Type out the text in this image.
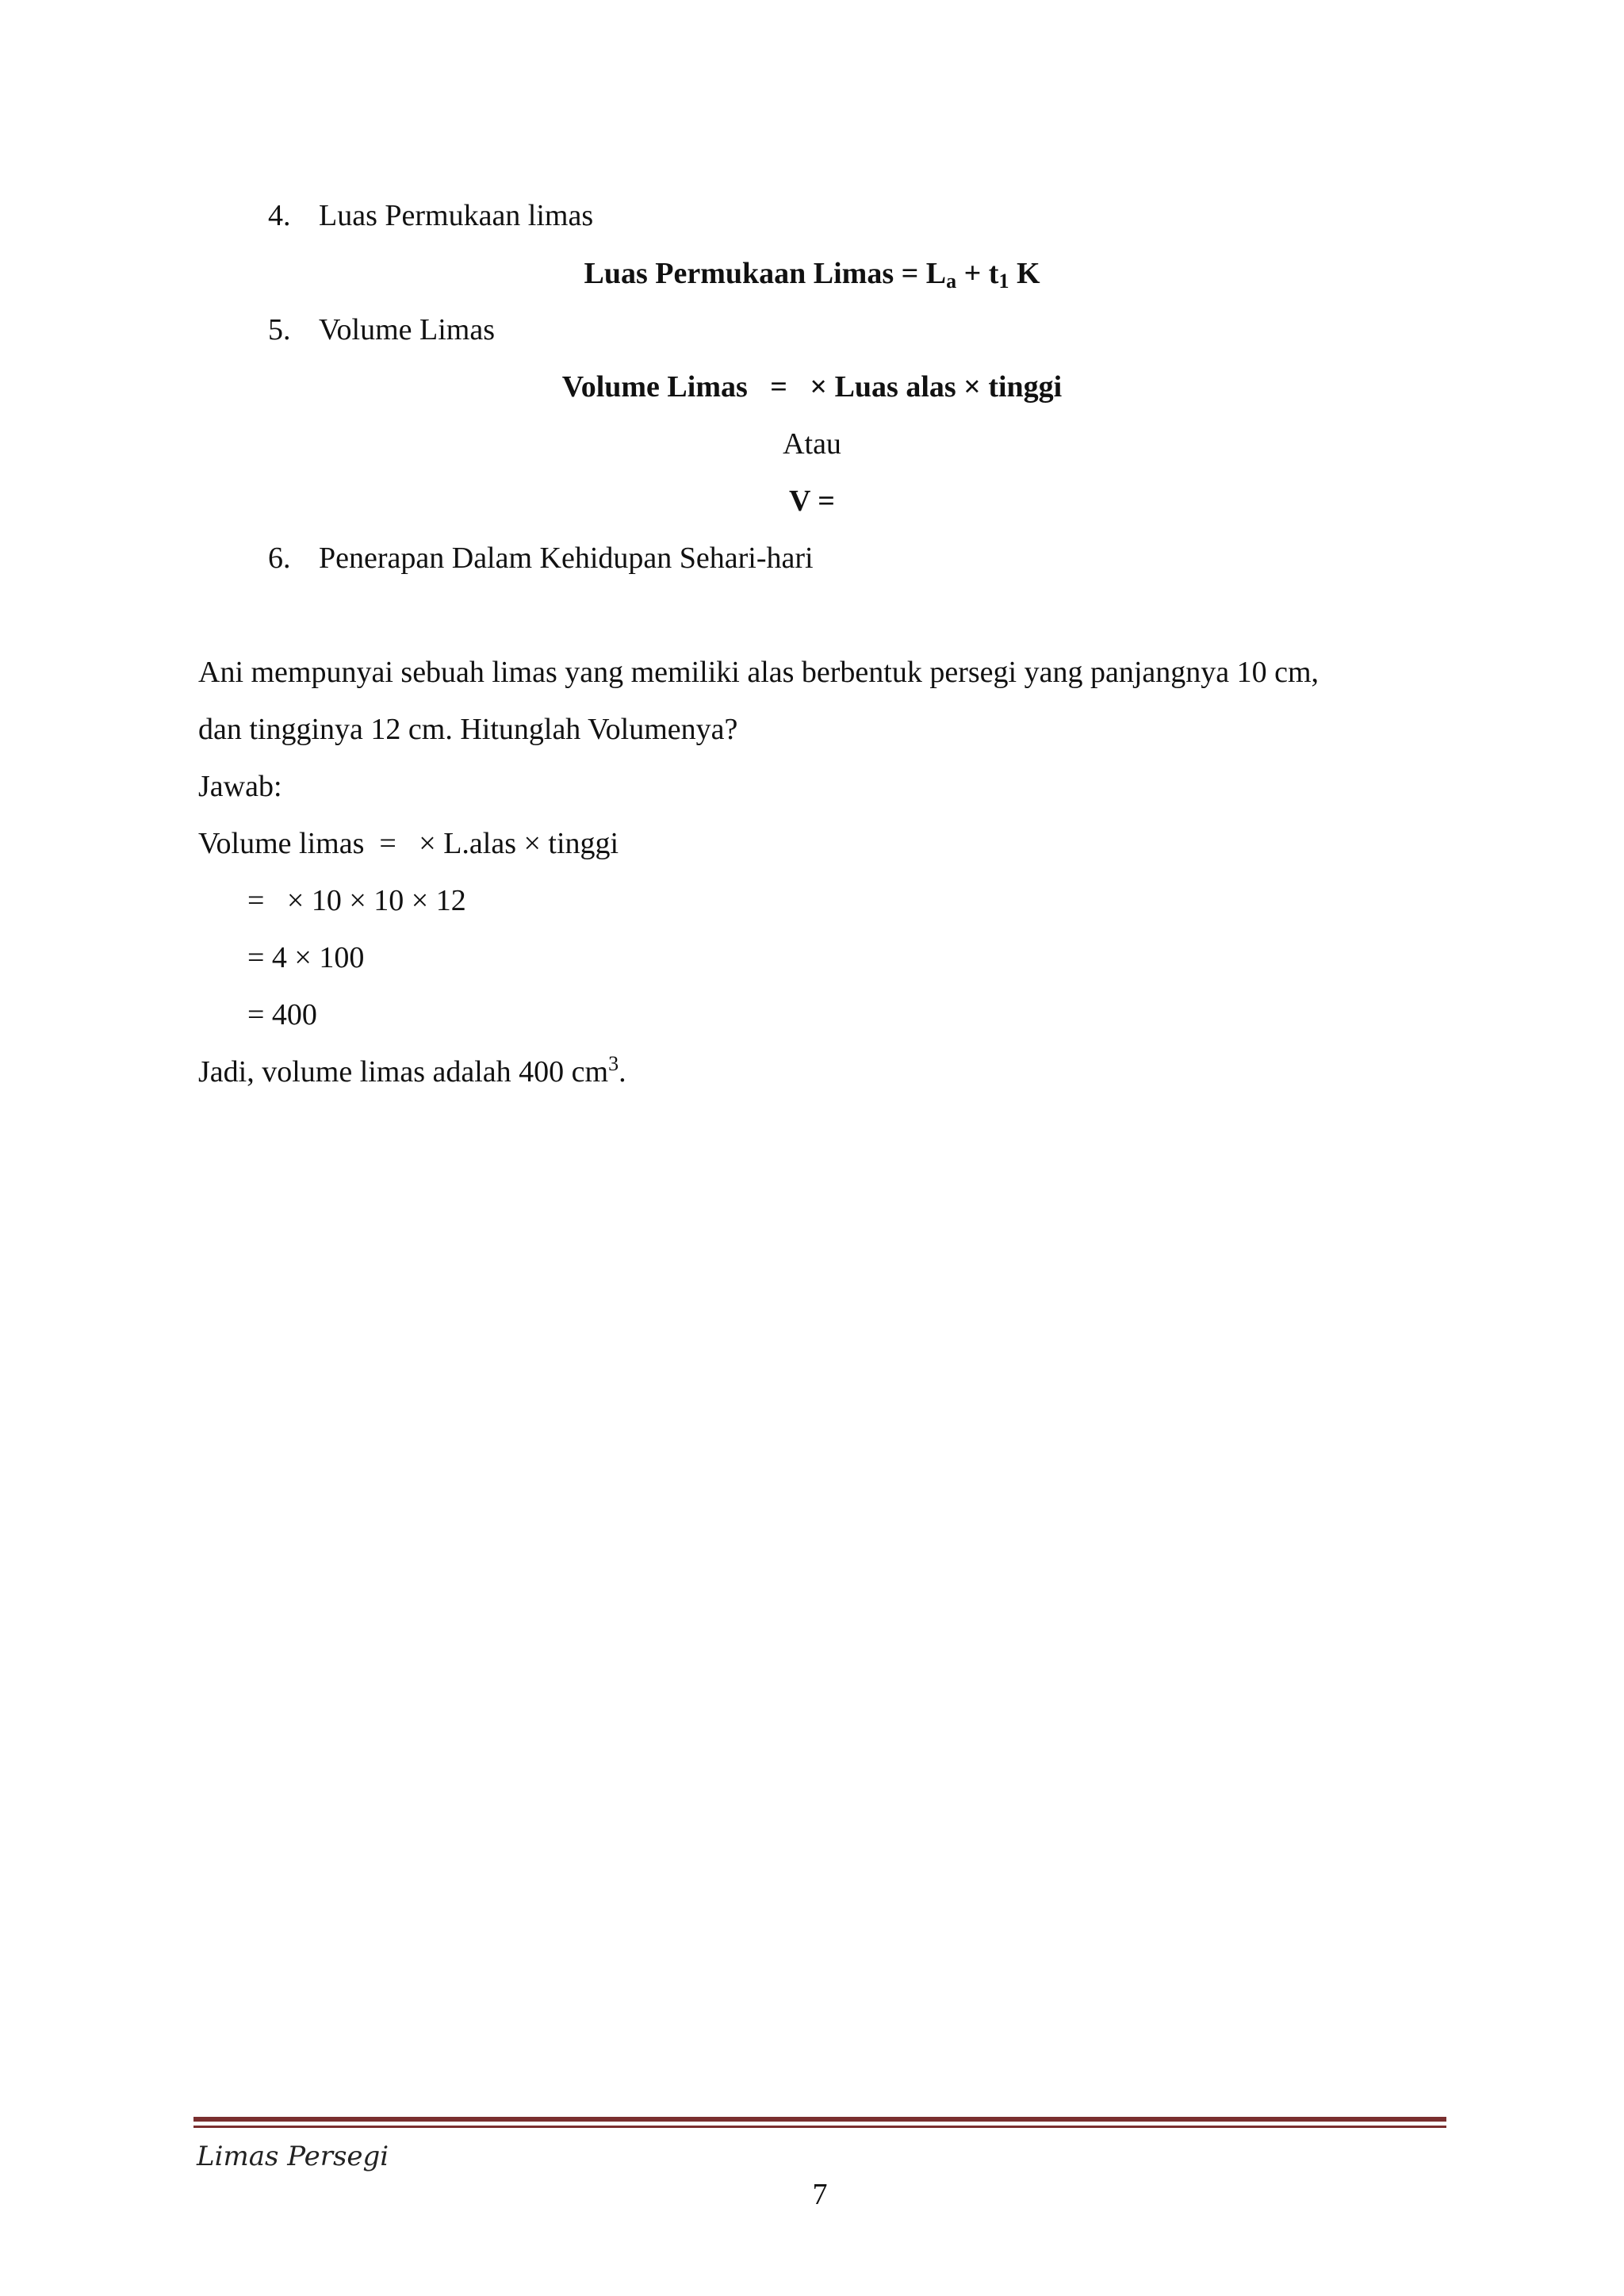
4. Luas Permukaan limas
Luas Permukaan Limas = $L_a + t_1$ K
5. Volume Limas
Volume Limas   =   × Luas alas × tinggi
Atau
V =
6. Penerapan Dalam Kehidupan Sehari-hari
Ani mempunyai sebuah limas yang memiliki alas berbentuk persegi yang panjangnya 10 cm,
dan tingginya 12 cm. Hitunglah Volumenya?
Jawab:
Volume limas  =   × L.alas × tinggi
=   × 10 × 10 × 12
= 4 × 100
= 400
Jadi, volume limas adalah 400 $cm^3$.
Limas Persegi
7
